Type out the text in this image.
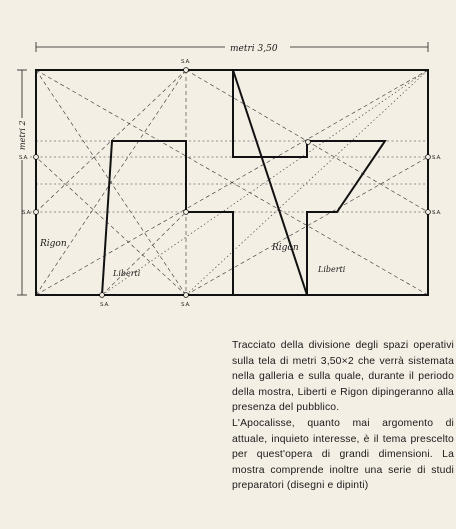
metri 3,50
metri 2
S.A.
S.A.
S.A.
S.A.
S.A.
S.A.	S.A.
Rigon
Liberti
Rigon
Liberti

Tracciato della divisione degli spazi operativi sulla tela di metri 3,50×2 che verrà sistemata nella galleria e sulla quale, durante il periodo della mostra, Liberti e Rigon dipingeranno alla presenza del pubblico.

L'Apocalisse, quanto mai argomento di attuale, inquieto interesse, è il tema prescelto per quest'opera di grandi dimensioni. La mostra comprende inoltre una serie di studi preparatori (disegni e dipinti)
